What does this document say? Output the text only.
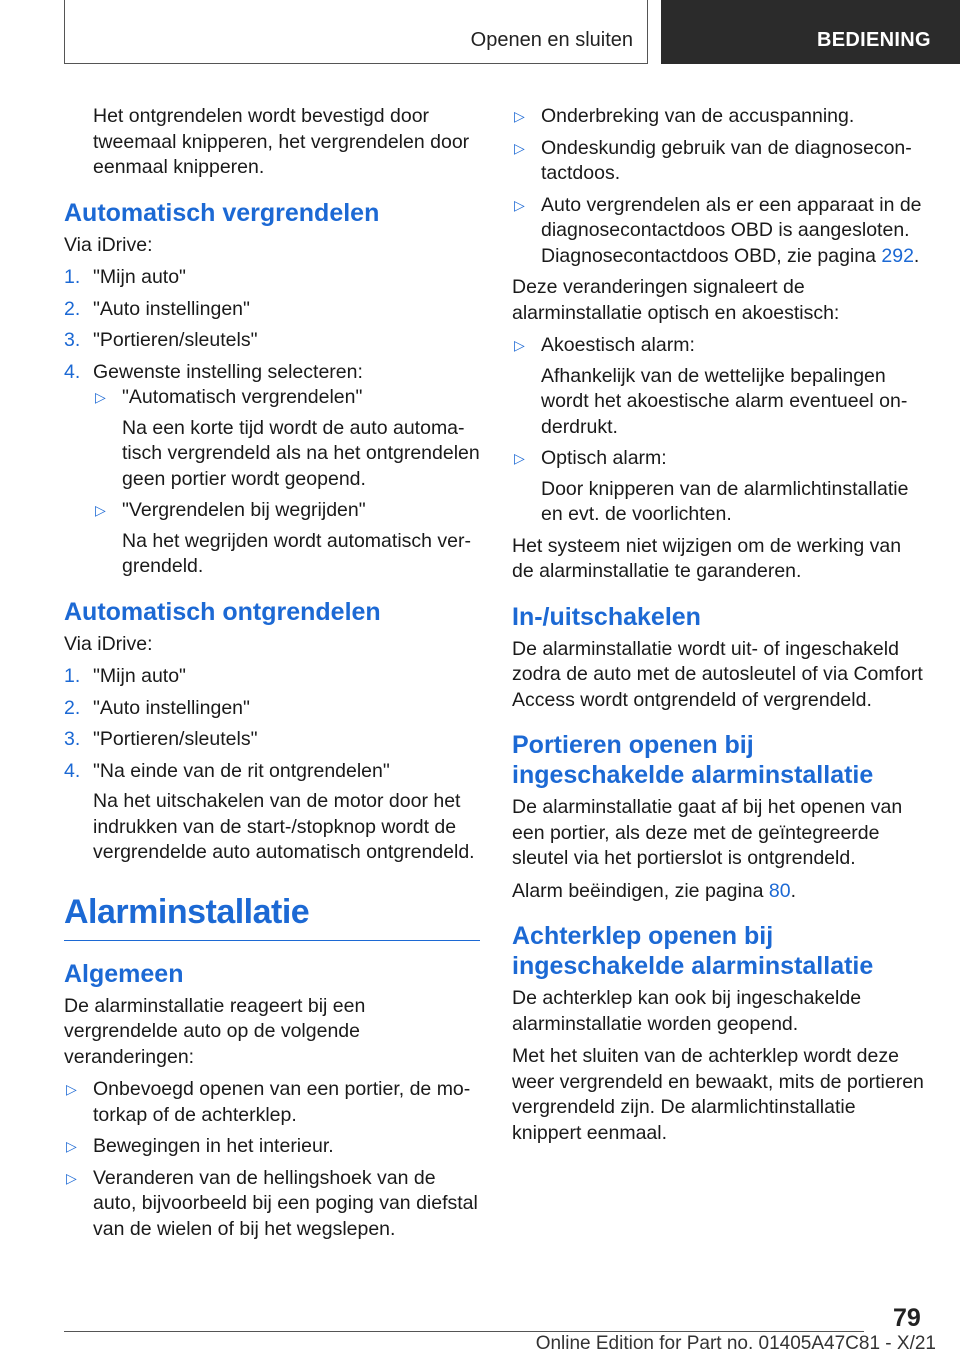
Openen en sluiten	BEDIENING

Het ontgrendelen wordt bevestigd door tweemaal knipperen, het vergrendelen door eenmaal knipperen.

Automatisch vergrendelen

Via iDrive:

1. "Mijn auto"
2. "Auto instellingen"
3. "Portieren/sleutels"
4. Gewenste instelling selecteren:
▷ "Automatisch vergrendelen"
Na een korte tijd wordt de auto automatisch vergrendeld als na het ontgrendelen geen portier wordt geopend.
▷ "Vergrendelen bij wegrijden"
Na het wegrijden wordt automatisch vergrendeld.
Automatisch ontgrendelen

Via iDrive:

1. "Mijn auto"
2. "Auto instellingen"
3. "Portieren/sleutels"
4. "Na einde van de rit ontgrendelen"
Na het uitschakelen van de motor door het indrukken van de start-/stopknop wordt de vergrendelde auto automatisch ontgrendeld.
Alarminstallatie
Algemeen

De alarminstallatie reageert bij een vergrendelde auto op de volgende veranderingen:

▷ Onbevoegd openen van een portier, de motorkap of de achterklep.
▷ Bewegingen in het interieur.
▷ Veranderen van de hellingshoek van de auto, bijvoorbeeld bij een poging van diefstal van de wielen of bij het wegslepen.
▷ Onderbreking van de accuspanning.
▷ Ondeskundig gebruik van de diagnosecontactdoos.
▷ Auto vergrendelen als er een apparaat in de diagnosecontactdoos OBD is aangesloten. Diagnosecontactdoos OBD, zie pagina 292.

Deze veranderingen signaleert de alarminstallatie optisch en akoestisch:

▷ Akoestisch alarm:
Afhankelijk van de wettelijke bepalingen wordt het akoestische alarm eventueel onderdrukt.
▷ Optisch alarm:
Door knipperen van de alarmlichtinstallatie en evt. de voorlichten.

Het systeem niet wijzigen om de werking van de alarminstallatie te garanderen.

In-/uitschakelen

De alarminstallatie wordt uit- of ingeschakeld zodra de auto met de autosleutel of via Comfort Access wordt ontgrendeld of vergrendeld.

Portieren openen bij ingeschakelde alarminstallatie

De alarminstallatie gaat af bij het openen van een portier, als deze met de geïntegreerde sleutel via het portierslot is ontgrendeld.

Alarm beëindigen, zie pagina 80.

Achterklep openen bij ingeschakelde alarminstallatie

De achterklep kan ook bij ingeschakelde alarminstallatie worden geopend.

Met het sluiten van de achterklep wordt deze weer vergrendeld en bewaakt, mits de portieren vergrendeld zijn. De alarmlichtinstallatie knippert eenmaal.

79
Online Edition for Part no. 01405A47C81 - X/21
